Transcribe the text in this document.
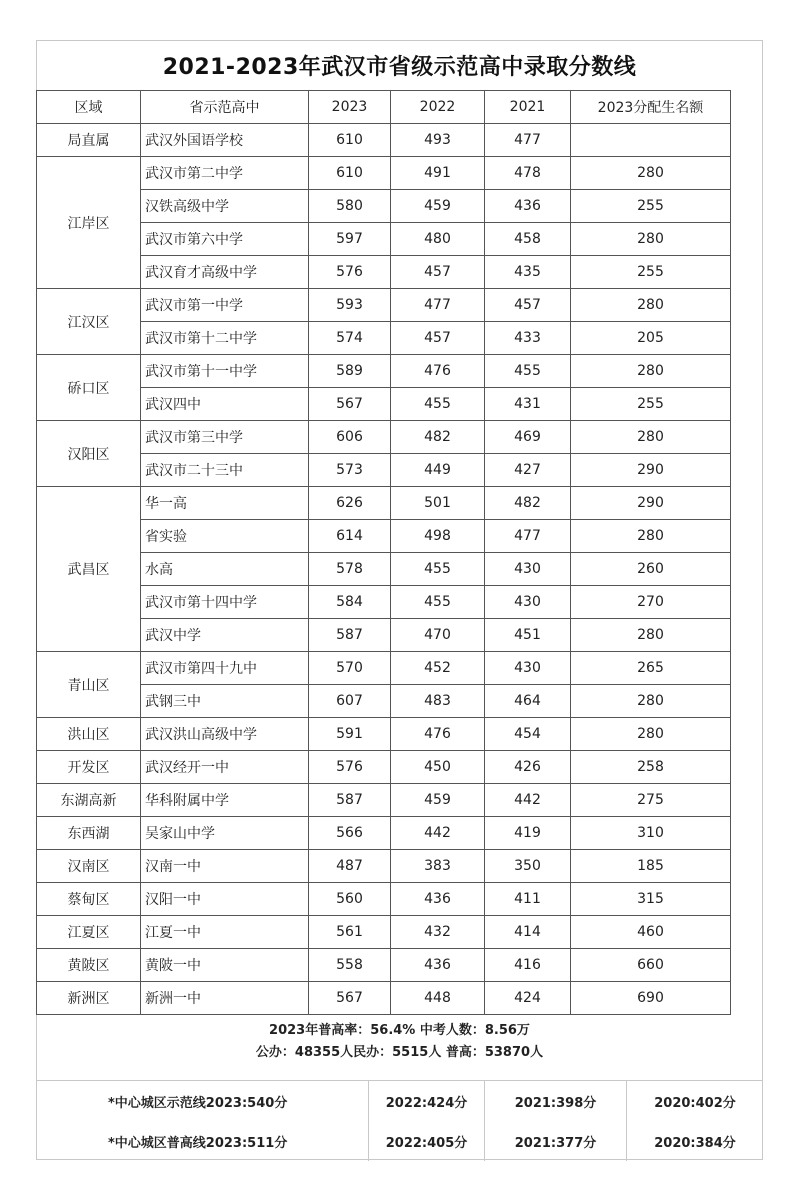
2021-2023年武汉市省级示范高中录取分数线
区域	省示范高中	2023	2022	2021	2023分配生名额
局直属	武汉外国语学校	610	493	477	
江岸区	武汉市第二中学	610	491	478	280
	汉铁高级中学	580	459	436	255
	武汉市第六中学	597	480	458	280
	武汉育才高级中学	576	457	435	255
江汉区	武汉市第一中学	593	477	457	280
	武汉市第十二中学	574	457	433	205
硚口区	武汉市第十一中学	589	476	455	280
	武汉四中	567	455	431	255
汉阳区	武汉市第三中学	606	482	469	280
	武汉市二十三中	573	449	427	290
武昌区	华一高	626	501	482	290
	省实验	614	498	477	280
	水高	578	455	430	260
	武汉市第十四中学	584	455	430	270
	武汉中学	587	470	451	280
青山区	武汉市第四十九中	570	452	430	265
	武钢三中	607	483	464	280
洪山区	武汉洪山高级中学	591	476	454	280
开发区	武汉经开一中	576	450	426	258
东湖高新	华科附属中学	587	459	442	275
东西湖	吴家山中学	566	442	419	310
汉南区	汉南一中	487	383	350	185
蔡甸区	汉阳一中	560	436	411	315
江夏区	江夏一中	561	432	414	460
黄陂区	黄陂一中	558	436	416	660
新洲区	新洲一中	567	448	424	690
2023年普高率：56.4% 中考人数：8.56万
公办：48355人民办：5515人 普高：53870人
*中心城区示范线2023:540分	2022:424分	2021:398分	2020:402分
*中心城区普高线2023:511分	2022:405分	2021:377分	2020:384分
